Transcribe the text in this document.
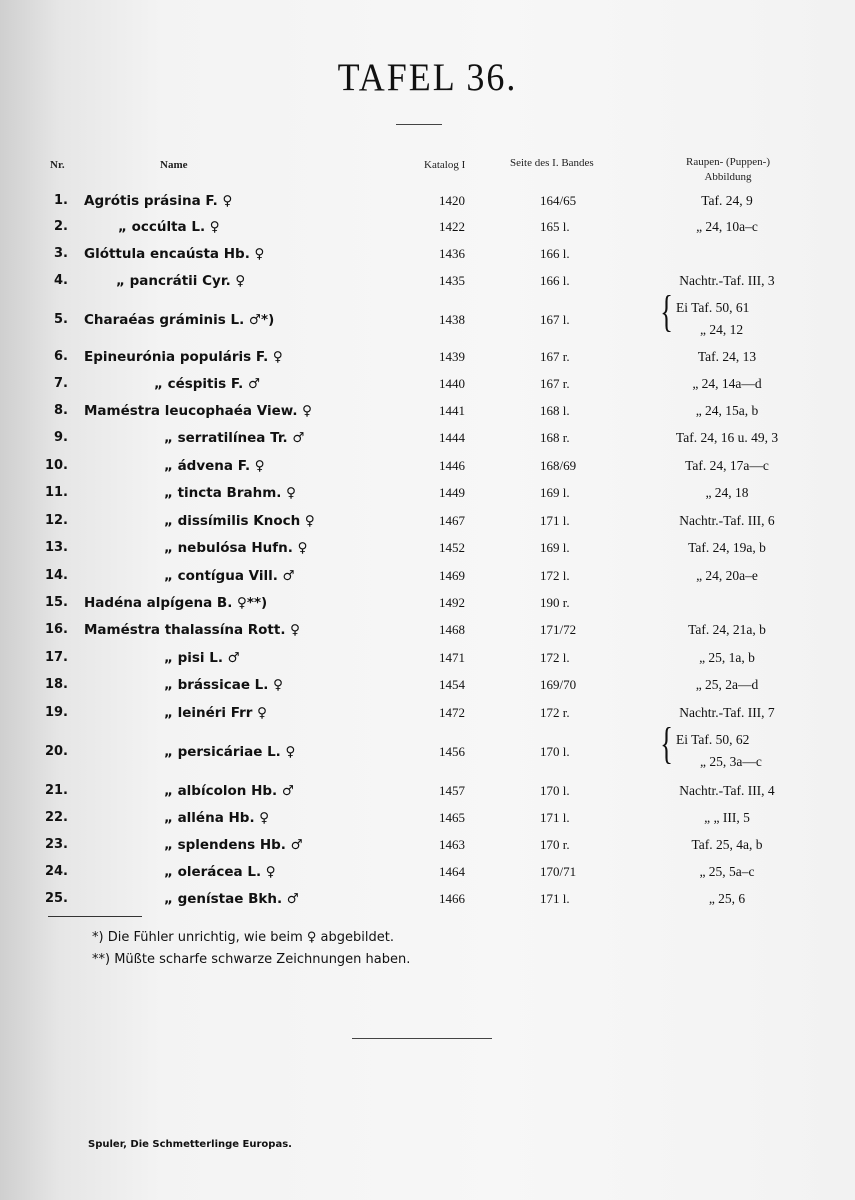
TAFEL 36.
Nr.	Name	Katalog I	Seite des I. Bandes	Raupen- (Puppen-)
Abbildung
1. Agrótis prásina F. ♀	1420	164/65	Taf. 24, 9
2.	„ occúlta L. ♀	1422	165 l.	„ 24, 10a–c
3. Glóttula encaústa Hb. ♀	1436	166 l.
4.	„ pancrátii Cyr. ♀	1435	166 l.	Nachtr.-Taf. III, 3
5. Charaéas gráminis L. ♂*)	1438	167 l.	{ Ei Taf. 50, 61
„ 24, 12
6. Epineurónia populáris F. ♀	1439	167 r.	Taf. 24, 13
7.	„ céspitis F. ♂	1440	167 r.	„ 24, 14a—d
8. Maméstra leucophaéa View. ♀	1441	168 l.	„ 24, 15a, b
9.	„ serratilínea Tr. ♂	1444	168 r.	Taf. 24, 16 u. 49, 3
10.	„ ádvena F. ♀	1446	168/69	Taf. 24, 17a—c
11.	„ tincta Brahm. ♀	1449	169 l.	„ 24, 18
12.	„ dissímilis Knoch ♀	1467	171 l.	Nachtr.-Taf. III, 6
13.	„ nebulósa Hufn. ♀	1452	169 l.	Taf. 24, 19a, b
14.	„ contígua Vill. ♂	1469	172 l.	„ 24, 20a–e
15. Hadéna alpígena B. ♀**)	1492	190 r.
16. Maméstra thalassína Rott. ♀	1468	171/72	Taf. 24, 21a, b
17.	„ pisi L. ♂	1471	172 l.	„ 25, 1a, b
18.	„ brássicae L. ♀	1454	169/70	„ 25, 2a—d
19.	„ leinéri Frr ♀	1472	172 r.	Nachtr.-Taf. III, 7
20.	„ persicáriae L. ♀	1456	170 l.	{ Ei Taf. 50, 62
„ 25, 3a—c
21.	„ albícolon Hb. ♂	1457	170 l.	Nachtr.-Taf. III, 4
22.	„ alléna Hb. ♀	1465	171 l.	„ „ III, 5
23.	„ splendens Hb. ♂	1463	170 r.	Taf. 25, 4a, b
24.	„ olerácea L. ♀	1464	170/71	„ 25, 5a–c
25.	„ genístae Bkh. ♂	1466	171 l.	„ 25, 6
*) Die Fühler unrichtig, wie beim ♀ abgebildet.
**) Müßte scharfe schwarze Zeichnungen haben.
Spuler, Die Schmetterlinge Europas.
